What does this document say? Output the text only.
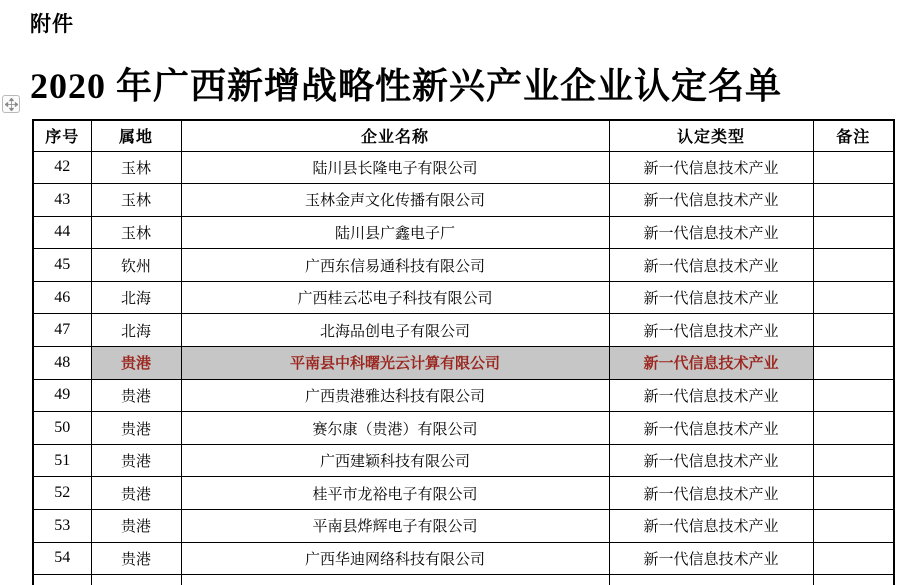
附件
2020 年广西新增战略性新兴产业企业认定名单
序号	属地	企业名称	认定类型	备注
42	玉林	陆川县长隆电子有限公司	新一代信息技术产业	
43	玉林	玉林金声文化传播有限公司	新一代信息技术产业	
44	玉林	陆川县广鑫电子厂	新一代信息技术产业	
45	钦州	广西东信易通科技有限公司	新一代信息技术产业	
46	北海	广西桂云芯电子科技有限公司	新一代信息技术产业	
47	北海	北海品创电子有限公司	新一代信息技术产业	
48	贵港	平南县中科曙光云计算有限公司	新一代信息技术产业	
49	贵港	广西贵港雅达科技有限公司	新一代信息技术产业	
50	贵港	赛尔康（贵港）有限公司	新一代信息技术产业	
51	贵港	广西建颖科技有限公司	新一代信息技术产业	
52	贵港	桂平市龙裕电子有限公司	新一代信息技术产业	
53	贵港	平南县烨辉电子有限公司	新一代信息技术产业	
54	贵港	广西华迪网络科技有限公司	新一代信息技术产业	
